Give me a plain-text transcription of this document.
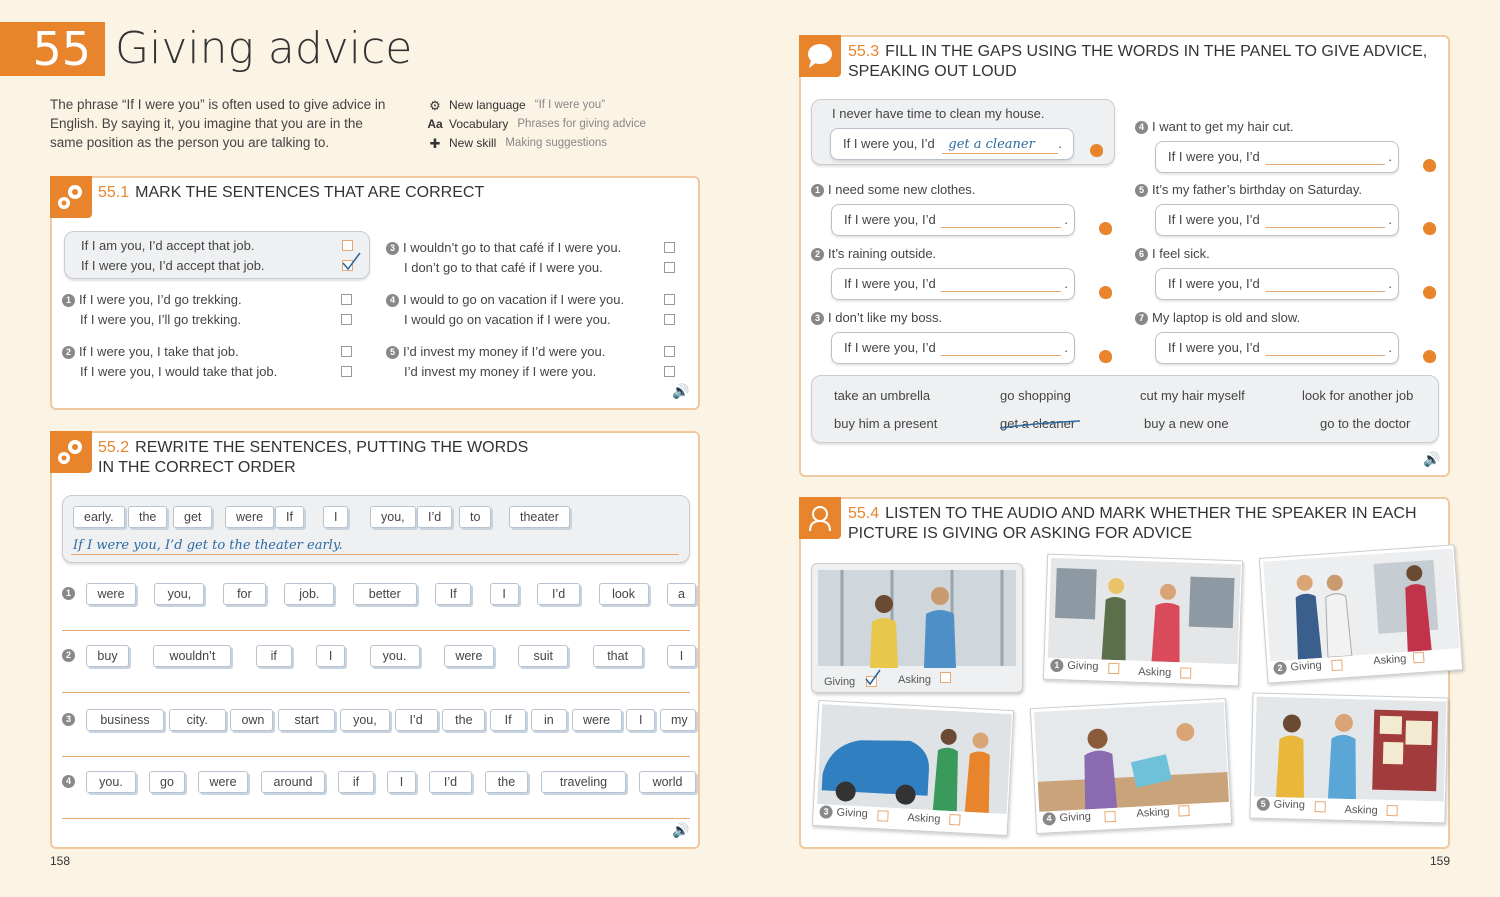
55 Giving advice
The phrase “If I were you” is often used to give advice in English. By saying it, you imagine that you are in the same position as the person you are talking to.
⚙ New language “If I were you”
Aa Vocabulary Phrases for giving advice
✚ New skill Making suggestions
55.1 MARK THE SENTENCES THAT ARE CORRECT
If I am you, I’d accept that job.
If I were you, I’d accept that job.
1 If I were you, I’d go trekking.
If I were you, I’ll go trekking.
2 If I were you, I take that job.
If I were you, I would take that job.
3 I wouldn’t go to that café if I were you.
I don’t go to that café if I were you.
4 I would to go on vacation if I were you.
I would go on vacation if I were you.
5 I’d invest my money if I’d were you.
I’d invest my money if I were you.
🔊
55.2 REWRITE THE SENTENCES, PUTTING THE WORDS
IN THE CORRECT ORDER
early.	the	get	were	If	I	you,	I’d	to	theater
If I were you, I’d get to the theater early.
🔊
1	were	you,	for	job.	better	If	I	I’d	look	a
2	buy	wouldn’t	if	I	you.	were	suit	that	I
3	business	city.	own	start	you,	I’d	the	If	in	were	I	my
4	you.	go	were	around	if	I	I’d	the	traveling	world
158
55.3 FILL IN THE GAPS USING THE WORDS IN THE PANEL TO GIVE ADVICE,
SPEAKING OUT LOUD
I never have time to clean my house.
If I were you, I’d get a cleaner .
take an umbrella	go shopping	cut my hair myself	look for another job
buy him a present	get a cleaner	buy a new one	go to the doctor
🔊
1 I need some new clothes.
If I were you, I’d	.
2 It’s raining outside.
If I were you, I’d	.
3 I don’t like my boss.
If I were you, I’d	.
4 I want to get my hair cut.
If I were you, I’d	.
5 It’s my father’s birthday on Saturday.
If I were you, I’d	.
6 I feel sick.
If I were you, I’d	.
7 My laptop is old and slow.
If I were you, I’d	.
55.4 LISTEN TO THE AUDIO AND MARK WHETHER THE SPEAKER IN EACH
PICTURE IS GIVING OR ASKING FOR ADVICE
Giving	Asking
1 Giving	Asking	2 Giving	Asking
3 Giving	Asking	4 Giving	Asking
5 Giving	Asking
159
